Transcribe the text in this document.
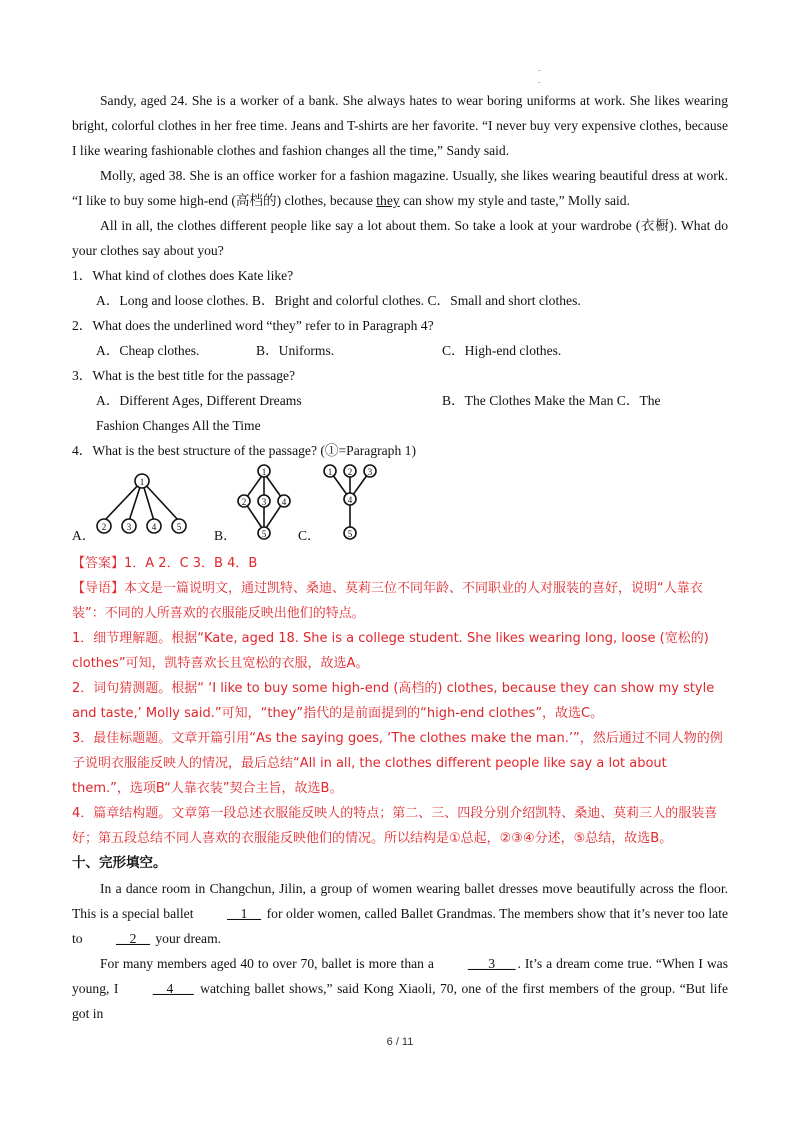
.
.

Sandy, aged 24. She is a worker of a bank. She always hates to wear boring uniforms at work. She likes wearing bright, colorful clothes in her free time. Jeans and T-shirts are her favorite. “I never buy very expensive clothes, because I like wearing fashionable clothes and fashion changes all the time,” Sandy said.

Molly, aged 38. She is an office worker for a fashion magazine. Usually, she likes wearing beautiful dress at work. “I like to buy some high-end (高档的) clothes, because they can show my style and taste,” Molly said.

All in all, the clothes different people like say a lot about them. So take a look at your wardrobe (衣橱). What do your clothes say about you?

1．What kind of clothes does Kate like?

A．Long and loose clothes. B．Bright and colorful clothes. C．Small and short clothes.

2．What does the underlined word “they” refer to in Paragraph 4?

A．Cheap clothes.	B．Uniforms.	C．High-end clothes.

3．What is the best title for the passage?

A．Different Ages, Different Dreams	B．The Clothes Make the Man C．The

Fashion Changes All the Time

4．What is the best structure of the passage? (①=Paragraph 1)

A．
1
2 3 4 5
B．
1
2 3 4
5 C．
1 2 3
4
5

【答案】1．A 2．C 3．B 4．B

【导语】本文是一篇说明文，通过凯特、桑迪、莫莉三位不同年龄、不同职业的人对服装的喜好，说明“人靠衣装”：不同的人所喜欢的衣服能反映出他们的特点。

1．细节理解题。根据“Kate, aged 18. She is a college student. She likes wearing long, loose (宽松的) clothes”可知，凯特喜欢长且宽松的衣服，故选A。

2．词句猜测题。根据“ ‘I like to buy some high-end (高档的) clothes, because they can show my style and taste,’ Molly said.”可知，“they”指代的是前面提到的“high-end clothes”，故选C。

3．最佳标题题。文章开篇引用“As the saying goes, ‘The clothes make the man.’”，然后通过不同人物的例子说明衣服能反映人的情况，最后总结“All in all, the clothes different people like say a lot about them.”，选项B“人靠衣装”契合主旨，故选B。

4．篇章结构题。文章第一段总述衣服能反映人的特点；第二、三、四段分别介绍凯特、桑迪、莫莉三人的服装喜好；第五段总结不同人喜欢的衣服能反映他们的情况。所以结构是①总起，②③④分述，⑤总结，故选B。

十、完形填空。

In a dance room in Changchun, Jilin, a group of women wearing ballet dresses move beautifully across the floor. This is a special ballet __1__ for older women, called Ballet Grandmas. The members show that it’s never too late to __2__ your dream.

For many members aged 40 to over 70, ballet is more than a ___3___ . It’s a dream come true. “When I was young, I __4___ watching ballet shows,” said Kong Xiaoli, 70, one of the first members of the group. “But life got in

6 / 11
